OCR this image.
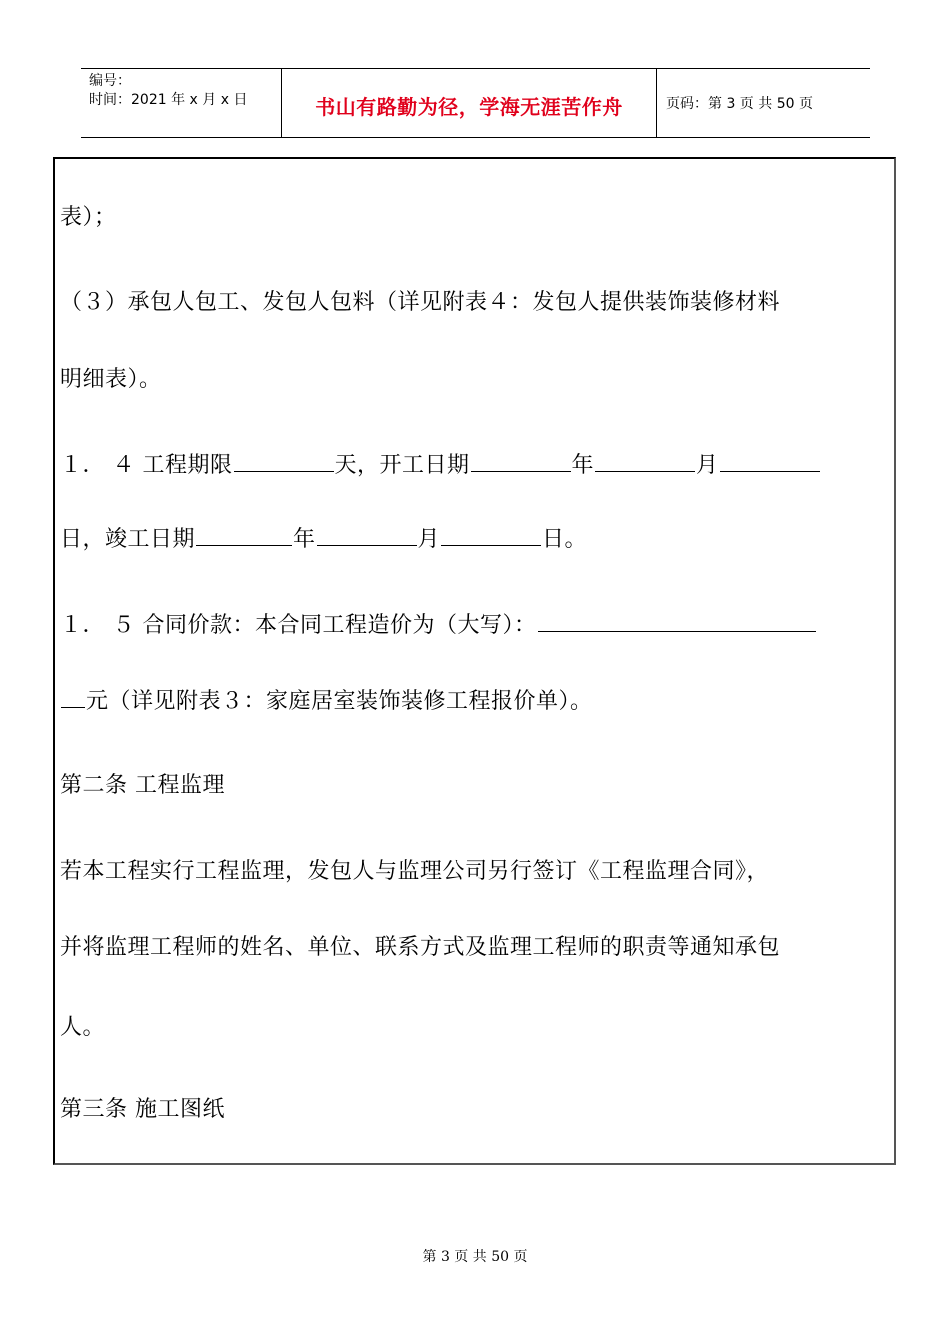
编号：
时间：2021 年 x 月 x 日	书山有路勤为径，学海无涯苦作舟	页码：第 3 页 共 50 页
表）；
（３）承包人包工、发包人包料（详见附表４：发包人提供装饰装修材料
明细表）。
１． ４ 工程期限	天，开工日期	年	月
日，竣工日期	年	月	日。
１． ５ 合同价款：本合同工程造价为（大写）：
元（详见附表３：家庭居室装饰装修工程报价单）。
第二条 工程监理
若本工程实行工程监理，发包人与监理公司另行签订《工程监理合同》，
并将监理工程师的姓名、单位、联系方式及监理工程师的职责等通知承包
人。
第三条 施工图纸
第 3 页 共 50 页
